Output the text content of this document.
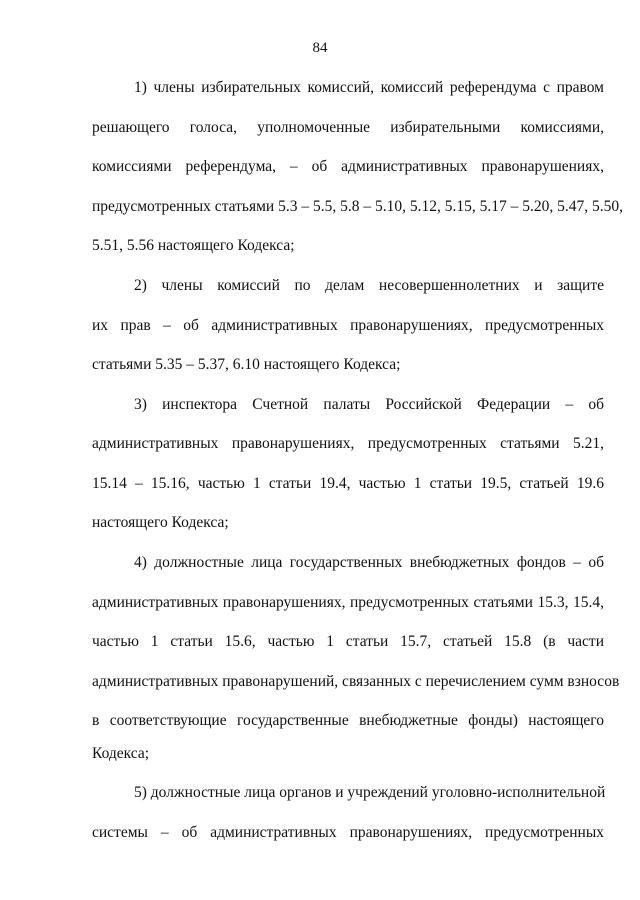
84
1) члены избирательных комиссий, комиссий референдума с правом
решающего голоса, уполномоченные избирательными комиссиями,
комиссиями референдума, – об административных правонарушениях,
предусмотренных статьями 5.3 – 5.5, 5.8 – 5.10, 5.12, 5.15, 5.17 – 5.20, 5.47, 5.50,
5.51, 5.56 настоящего Кодекса;
2) члены комиссий по делам несовершеннолетних и защите
их прав – об административных правонарушениях, предусмотренных
статьями 5.35 – 5.37, 6.10 настоящего Кодекса;
3) инспектора Счетной палаты Российской Федерации – об
административных правонарушениях, предусмотренных статьями 5.21,
15.14 – 15.16, частью 1 статьи 19.4, частью 1 статьи 19.5, статьей 19.6
настоящего Кодекса;
4) должностные лица государственных внебюджетных фондов – об
административных правонарушениях, предусмотренных статьями 15.3, 15.4,
частью 1 статьи 15.6, частью 1 статьи 15.7, статьей 15.8 (в части
административных правонарушений, связанных с перечислением сумм взносов
в соответствующие государственные внебюджетные фонды) настоящего
Кодекса;
5) должностные лица органов и учреждений уголовно-исполнительной
системы – об административных правонарушениях, предусмотренных
